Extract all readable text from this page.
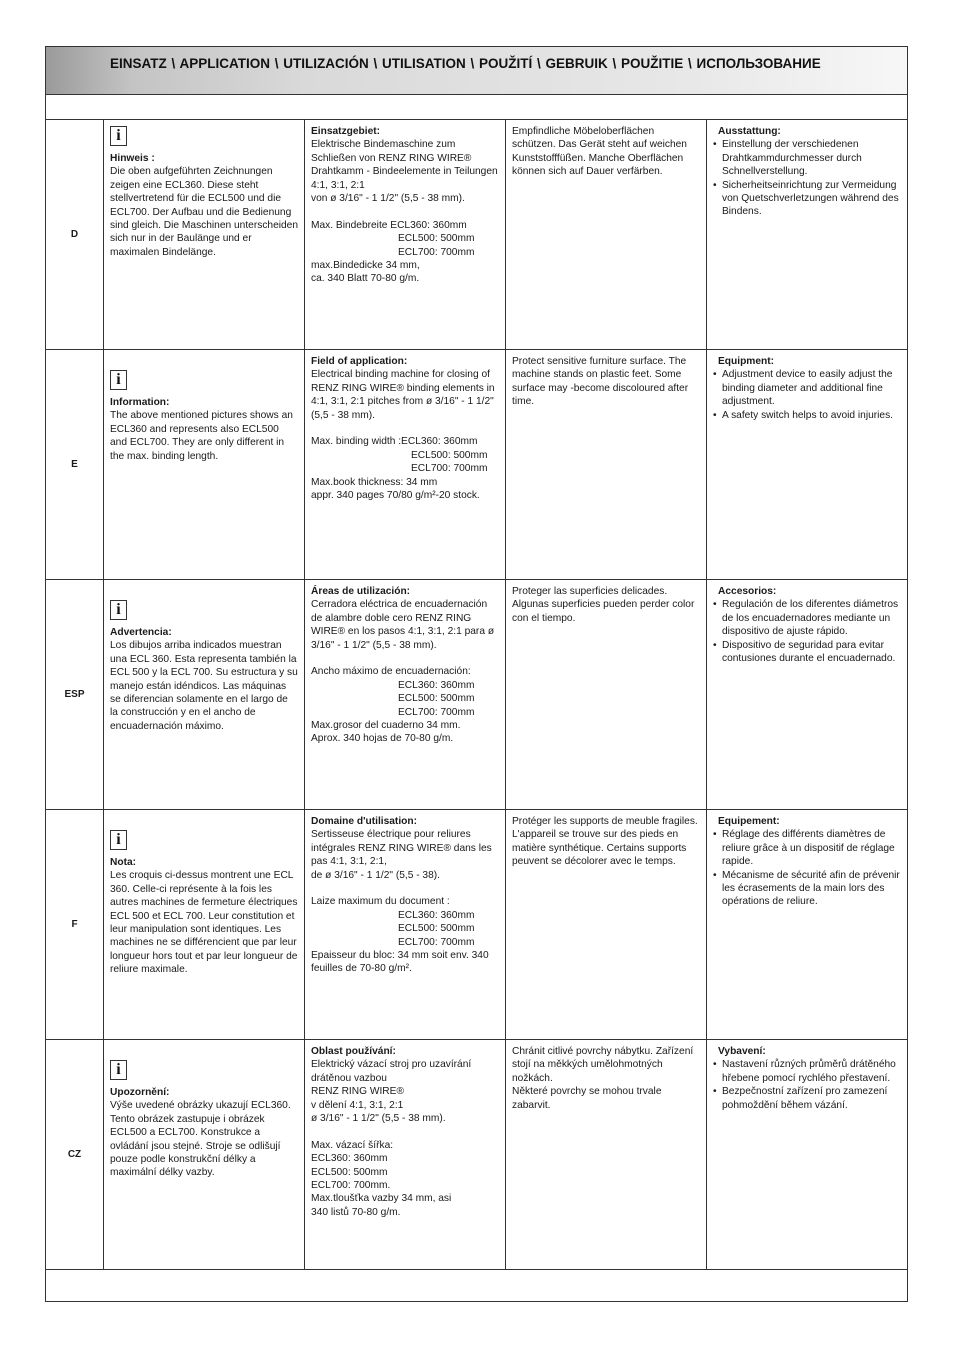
EINSATZ \ APPLICATION \ UTILIZACIÓN \ UTILISATION \ POUŽITÍ \ GEBRUIK \ POUŽITIE \ ИСПОЛЬЗОВАНИЕ
D
i
Hinweis :
Die oben aufgeführten Zeichnungen zeigen eine ECL360. Diese steht stellvertretend für die ECL500 und die ECL700. Der Aufbau und die Bedienung sind gleich. Die Maschinen unterscheiden sich nur in der Baulänge und er maximalen Bindelänge.
Einsatzgebiet:
Elektrische Bindemaschine zum Schließen von RENZ RING WIRE® Drahtkamm - Bindeelemente in Teilungen 4:1, 3:1, 2:1
von ø 3/16" - 1 1/2" (5,5 - 38 mm).
Max. Bindebreite ECL360: 360mm
ECL500: 500mm
ECL700: 700mm
max.Bindedicke 34 mm,
ca. 340 Blatt 70-80 g/m.
Empfindliche Möbeloberflächen schützen. Das Gerät steht auf weichen Kunststofffüßen. Manche Oberflächen können sich auf Dauer verfärben.
Ausstattung:
• Einstellung der verschiedenen Drahtkammdurchmesser durch Schnellverstellung.
• Sicherheitseinrichtung zur Vermeidung von Quetschverletzungen während des Bindens.
E
i
Information:
The above mentioned pictures shows an ECL360 and represents also ECL500 and ECL700. They are only different in the max. binding length.
Field of application:
Electrical binding machine for closing of RENZ RING WIRE® binding elements in 4:1, 3:1, 2:1 pitches from ø 3/16" - 1 1/2" (5,5 - 38 mm).
Max. binding width :ECL360: 360mm
ECL500: 500mm
ECL700: 700mm
Max.book thickness: 34 mm
appr. 340 pages 70/80 g/m²-20 stock.
Protect sensitive furniture surface. The machine stands on plastic feet. Some surface may -become discoloured after time.
Equipment:
• Adjustment device to easily adjust the binding diameter and additional fine adjustment.
• A safety switch helps to avoid injuries.
ESP
i
Advertencia:
Los dibujos arriba indicados muestran una ECL 360. Esta representa también la ECL 500 y la ECL 700. Su estructura y su manejo están idéndicos. Las máquinas se diferencian solamente en el largo de la construcción y en el ancho de encuadernación máximo.
Áreas de utilización:
Cerradora eléctrica de encuadernación de alambre doble cero RENZ RING WIRE® en los pasos 4:1, 3:1, 2:1 para ø 3/16" - 1 1/2" (5,5 - 38 mm).
Ancho máximo de encuadernación:
ECL360: 360mm
ECL500: 500mm
ECL700: 700mm
Max.grosor del cuaderno 34 mm.
Aprox. 340 hojas de 70-80 g/m.
Proteger las superficies delicades. Algunas superficies pueden perder color con el tiempo.
Accesorios:
• Regulación de los diferentes diámetros de los encuadernadores mediante un dispositivo de ajuste rápido.
• Dispositivo de seguridad para evitar contusiones durante el encuadernado.
F
i
Nota:
Les croquis ci-dessus montrent une ECL 360. Celle-ci représente à la fois les autres machines de fermeture électriques ECL 500 et ECL 700. Leur constitution et leur manipulation sont identiques. Les machines ne se différencient que par leur longueur hors tout et par leur longueur de reliure maximale.
Domaine d'utilisation:
Sertisseuse électrique pour reliures intégrales RENZ RING WIRE® dans les pas 4:1, 3:1, 2:1,
de ø 3/16" - 1 1/2" (5,5 - 38).
Laize maximum du document :
ECL360: 360mm
ECL500: 500mm
ECL700: 700mm
Epaisseur du bloc: 34 mm soit env. 340 feuilles de 70-80 g/m².
Protéger les supports de meuble fragiles. L'appareil se trouve sur des pieds en matière synthétique. Certains supports peuvent se décolorer avec le temps.
Equipement:
• Réglage des différents diamètres de reliure grâce à un dispositif de réglage rapide.
• Mécanisme de sécurité afin de prévenir les écrasements de la main lors des opérations de reliure.
CZ
i
Upozornění:
Výše uvedené obrázky ukazují ECL360.
Tento obrázek zastupuje i obrázek ECL500 a ECL700. Konstrukce a ovládání jsou stejné. Stroje se odlišují pouze podle konstrukční délky a maximální délky vazby.
Oblast používání:
Elektrický vázací stroj pro uzavírání drátěnou vazbou
RENZ RING WIRE®
v dělení 4:1, 3:1, 2:1
ø 3/16" - 1 1/2" (5,5 - 38 mm).
Max. vázací šířka:
ECL360: 360mm
ECL500: 500mm
ECL700: 700mm.
Max.tloušťka vazby 34 mm, asi
340 listů 70-80 g/m.
Chránit citlivé povrchy nábytku. Zařízení stojí na měkkých umělohmotných nožkách.
Některé povrchy se mohou trvale zabarvit.
Vybavení:
• Nastavení různých průměrů drátěného hřebene pomocí rychlého přestavení.
• Bezpečnostní zařízení pro zamezení pohmoždění během vázání.
